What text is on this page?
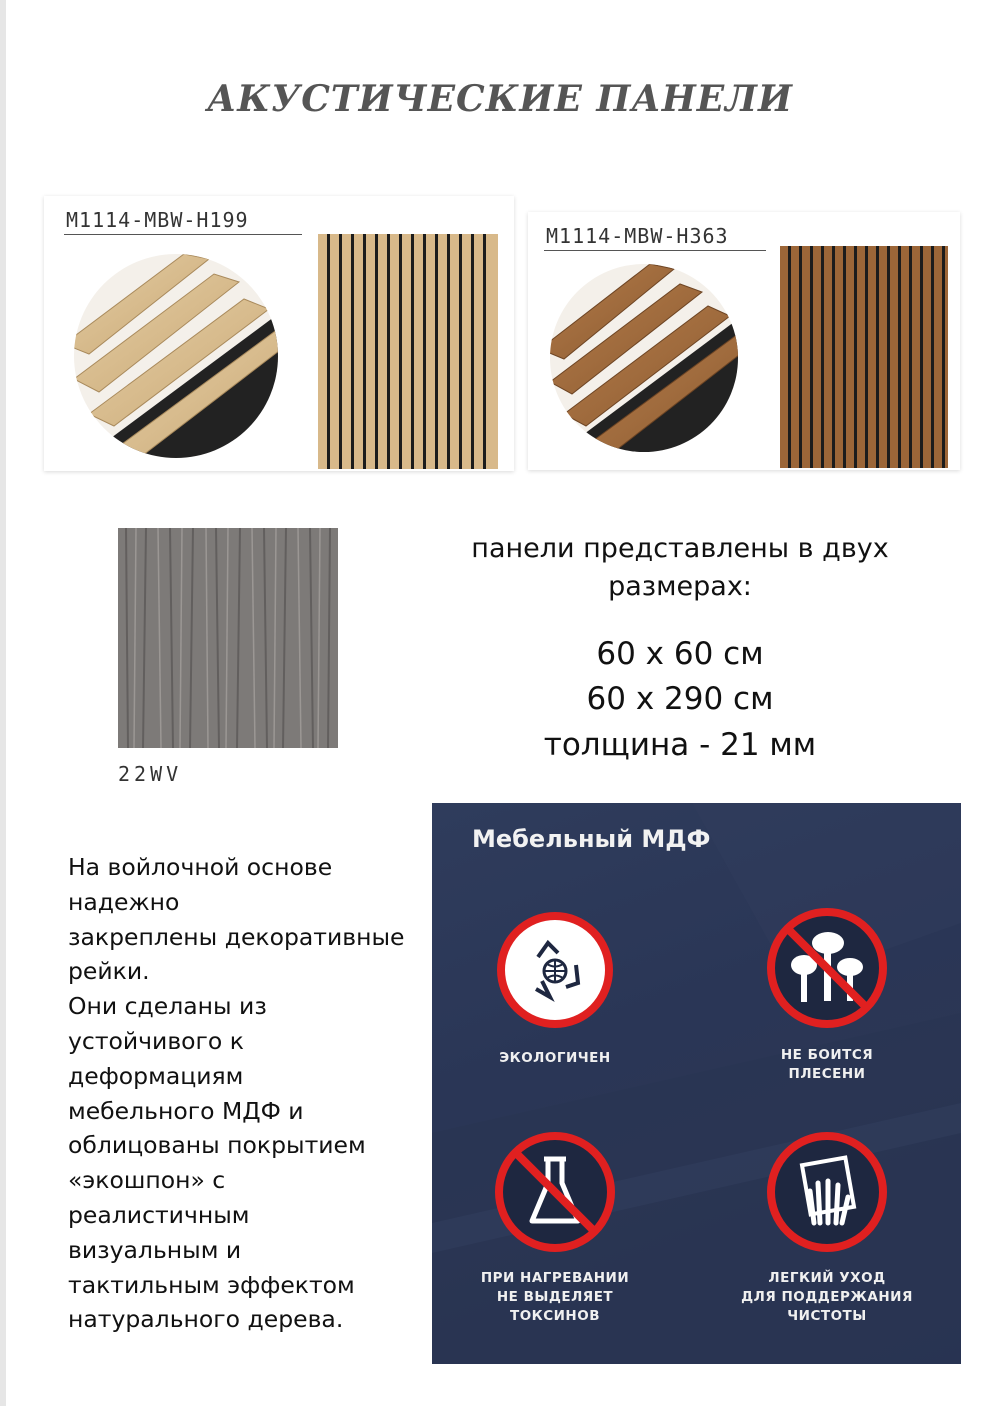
АКУСТИЧЕСКИЕ ПАНЕЛИ
M1114-MBW-H199
M1114-MBW-H363
22WV
панели представлены в двух
размерах:
60 x 60 см
60 x 290 см
толщина - 21 мм
На войлочной основе
надежно
закреплены декоративные
рейки.
Они сделаны из
устойчивого к
деформациям
мебельного МДФ и
облицованы покрытием
«экошпон» с
реалистичным
визуальным и
тактильным эффектом
натурального дерева.
Мебельный МДФ
ЭКОЛОГИЧЕН	НЕ БОИТСЯ
ПЛЕСЕНИ
ПРИ НАГРЕВАНИИ
НЕ ВЫДЕЛЯЕТ
ТОКСИНОВ
ЛЕГКИЙ УХОД
ДЛЯ ПОДДЕРЖАНИЯ
ЧИСТОТЫ
